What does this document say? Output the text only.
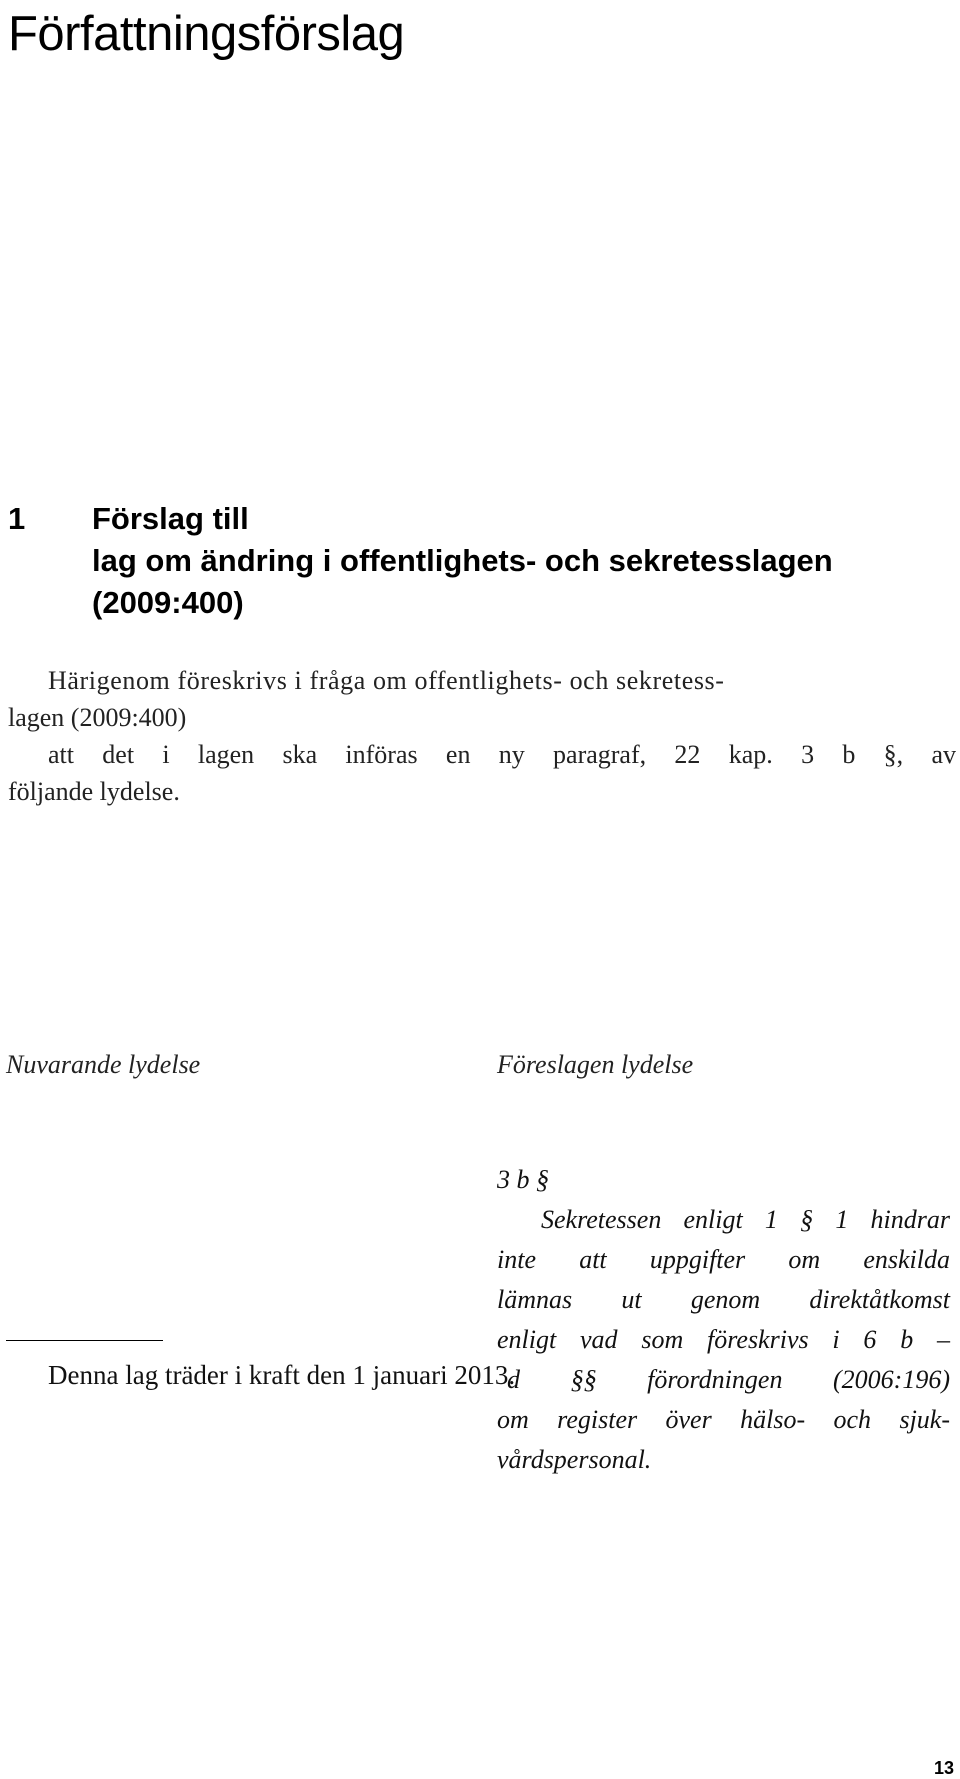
Författningsförslag
1 Förslag till
lag om ändring i offentlighets- och sekretesslagen
(2009:400)
Härigenom föreskrivs i fråga om offentlighets- och sekretess-
lagen (2009:400)
att det i lagen ska införas en ny paragraf, 22 kap. 3 b §, av
följande lydelse.
Nuvarande lydelse	Föreslagen lydelse
3 b §
Sekretessen enligt 1 § 1 hindrar
inte att uppgifter om enskilda
lämnas ut genom direktåtkomst
enligt vad som föreskrivs i 6 b –
d §§ förordningen (2006:196)
om register över hälso- och sjuk-
vårdspersonal.
Denna lag träder i kraft den 1 januari 2013.
13
